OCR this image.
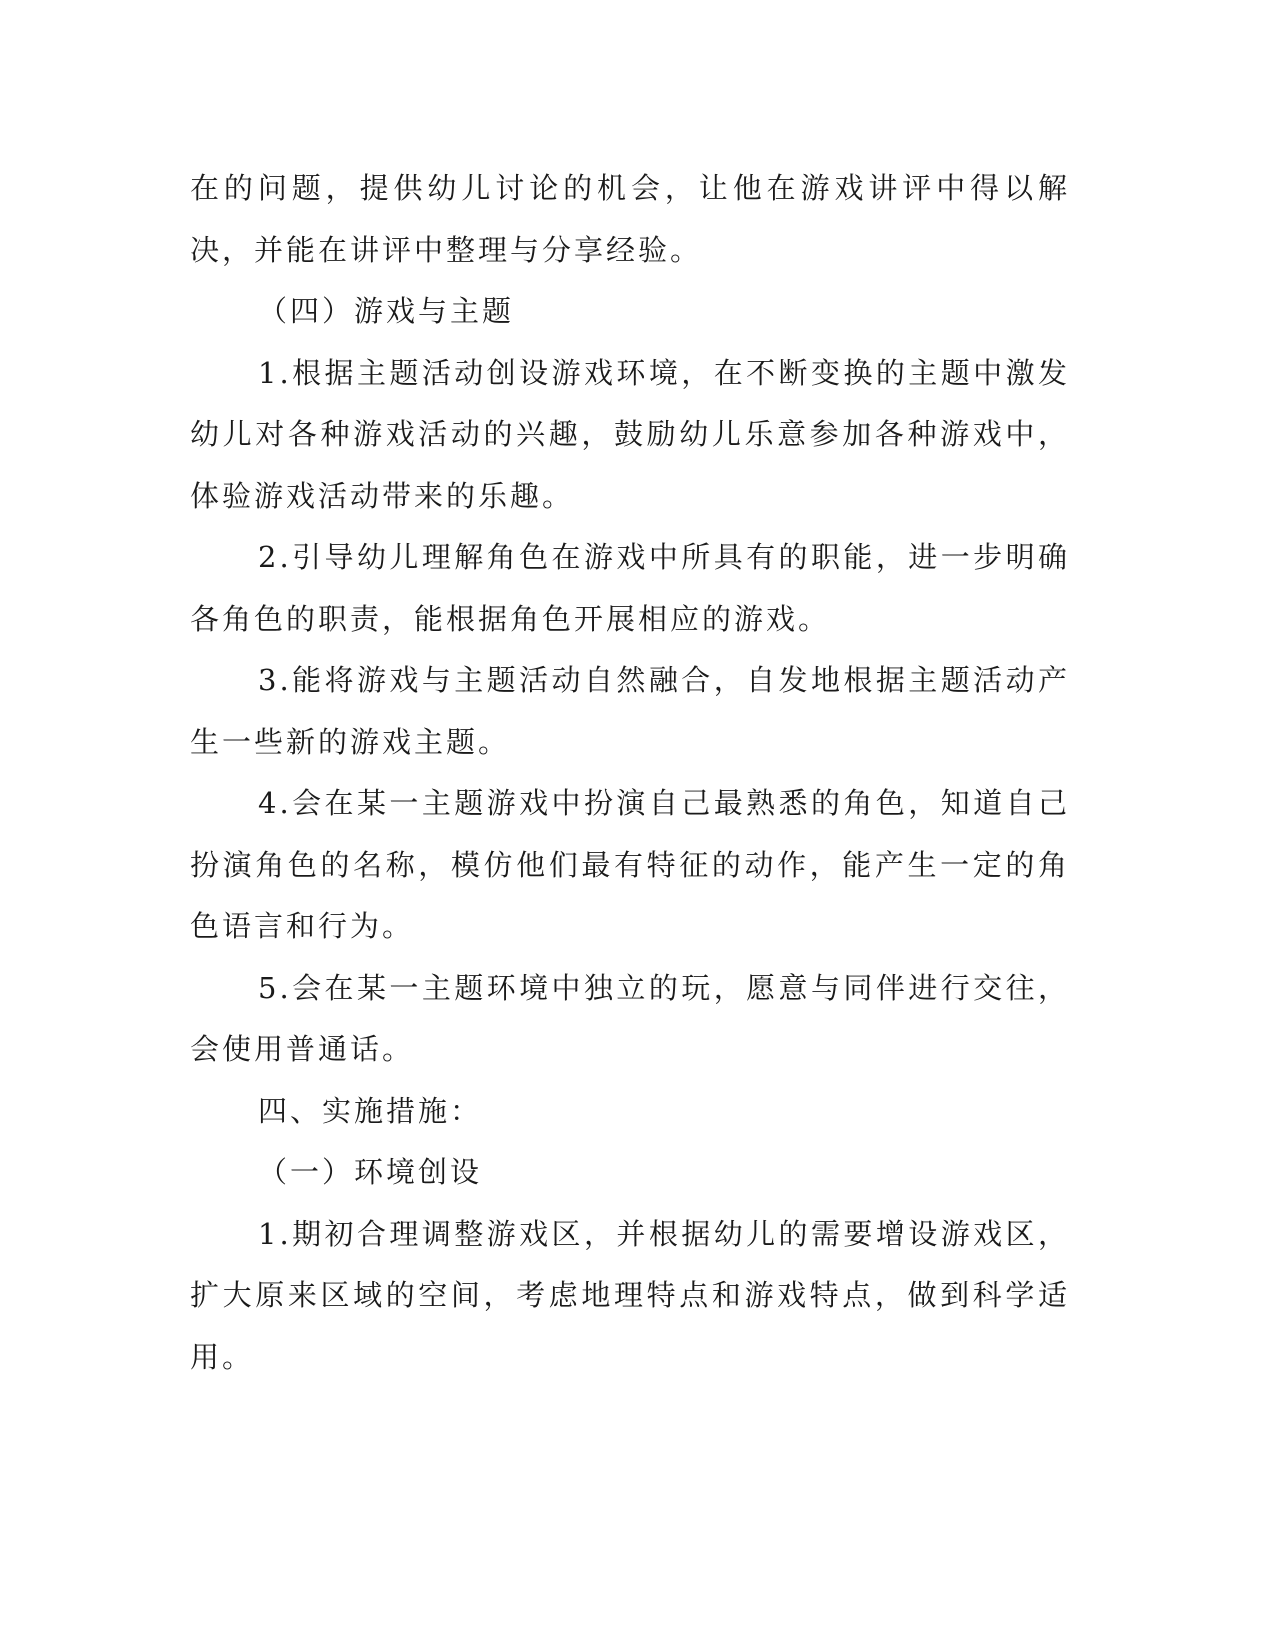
在的问题，提供幼儿讨论的机会，让他在游戏讲评中得以解决，并能在讲评中整理与分享经验。

（四）游戏与主题

1.根据主题活动创设游戏环境，在不断变换的主题中激发幼儿对各种游戏活动的兴趣，鼓励幼儿乐意参加各种游戏中，体验游戏活动带来的乐趣。

2.引导幼儿理解角色在游戏中所具有的职能，进一步明确各角色的职责，能根据角色开展相应的游戏。

3.能将游戏与主题活动自然融合，自发地根据主题活动产生一些新的游戏主题。

4.会在某一主题游戏中扮演自己最熟悉的角色，知道自己扮演角色的名称，模仿他们最有特征的动作，能产生一定的角色语言和行为。

5.会在某一主题环境中独立的玩，愿意与同伴进行交往，会使用普通话。

四、实施措施：

（一）环境创设

1.期初合理调整游戏区，并根据幼儿的需要增设游戏区，扩大原来区域的空间，考虑地理特点和游戏特点，做到科学适用。
